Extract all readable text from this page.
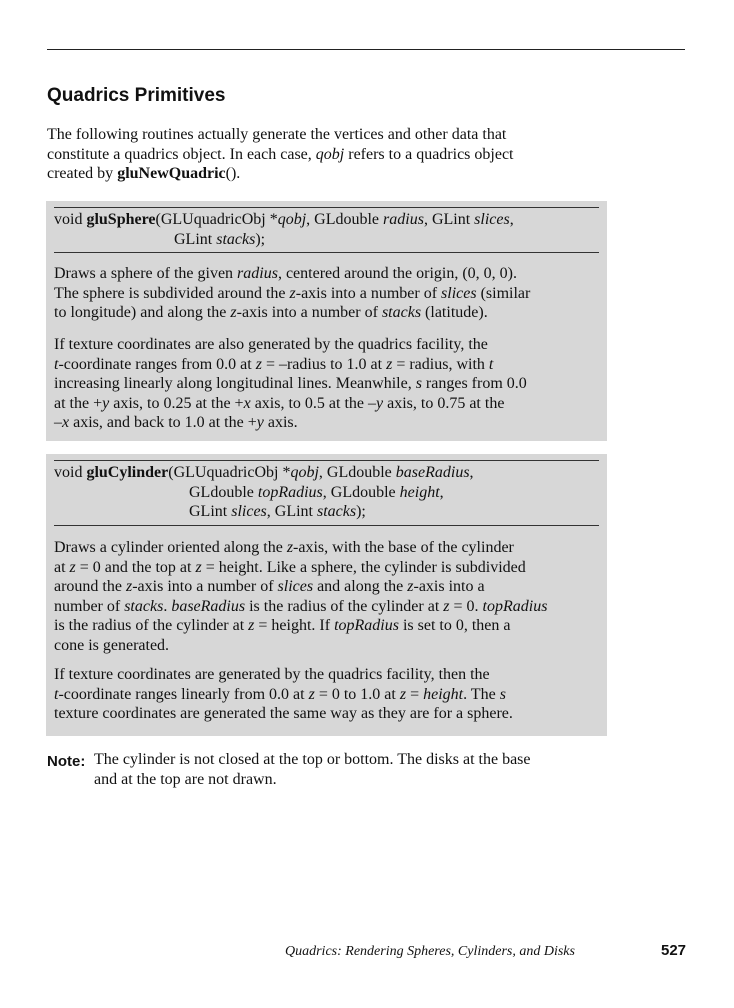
Quadrics Primitives

The following routines actually generate the vertices and other data that
constitute a quadrics object. In each case, qobj refers to a quadrics object
created by gluNewQuadric().

void gluSphere(GLUquadricObj *qobj, GLdouble radius, GLint slices,
GLint stacks);

Draws a sphere of the given radius, centered around the origin, (0, 0, 0).
The sphere is subdivided around the z-axis into a number of slices (similar
to longitude) and along the z-axis into a number of stacks (latitude).

If texture coordinates are also generated by the quadrics facility, the
t-coordinate ranges from 0.0 at z = –radius to 1.0 at z = radius, with t
increasing linearly along longitudinal lines. Meanwhile, s ranges from 0.0
at the +y axis, to 0.25 at the +x axis, to 0.5 at the –y axis, to 0.75 at the
–x axis, and back to 1.0 at the +y axis.

void gluCylinder(GLUquadricObj *qobj, GLdouble baseRadius,
GLdouble topRadius, GLdouble height,
GLint slices, GLint stacks);

Draws a cylinder oriented along the z-axis, with the base of the cylinder
at z = 0 and the top at z = height. Like a sphere, the cylinder is subdivided
around the z-axis into a number of slices and along the z-axis into a
number of stacks. baseRadius is the radius of the cylinder at z = 0. topRadius
is the radius of the cylinder at z = height. If topRadius is set to 0, then a
cone is generated.

If texture coordinates are generated by the quadrics facility, then the
t-coordinate ranges linearly from 0.0 at z = 0 to 1.0 at z = height. The s
texture coordinates are generated the same way as they are for a sphere.

Note: The cylinder is not closed at the top or bottom. The disks at the base
and at the top are not drawn.

Quadrics: Rendering Spheres, Cylinders, and Disks	527
